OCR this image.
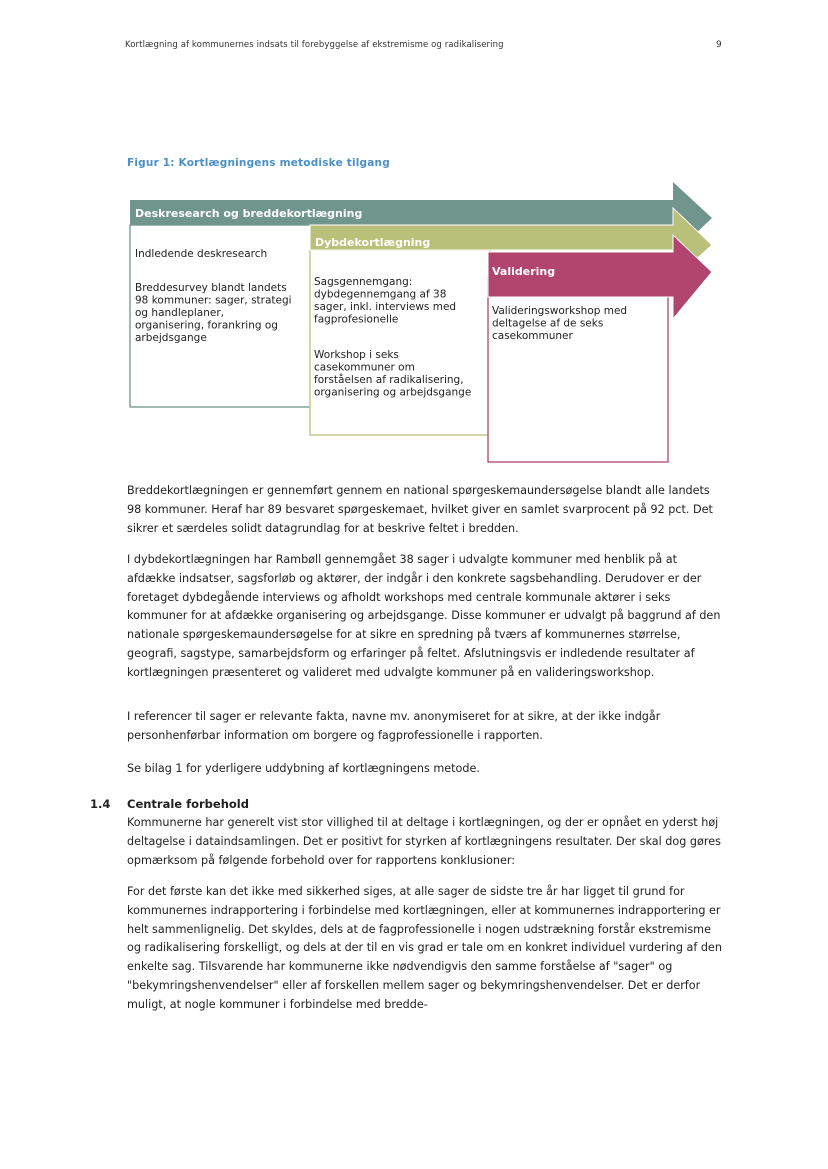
Kortlægning af kommunernes indsats til forebyggelse af ekstremisme og radikalisering	9
Figur 1: Kortlægningens metodiske tilgang
Deskresearch og breddekortlægning
Dybdekortlægning
Validering
Indledende deskresearch
Breddesurvey blandt landets
98 kommuner: sager, strategi
og handleplaner,
organisering, forankring og
arbejdsgange
Sagsgennemgang:
dybdegennemgang af 38
sager, inkl. interviews med
fagprofesionelle
Workshop i seks
casekommuner om
forståelsen af radikalisering,
organisering og arbejdsgange
Valideringsworkshop med
deltagelse af de seks
casekommuner

Breddekortlægningen er gennemført gennem en national spørgeskemaundersøgelse blandt alle landets 98 kommuner. Heraf har 89 besvaret spørgeskemaet, hvilket giver en samlet svarprocent på 92 pct. Det sikrer et særdeles solidt datagrundlag for at beskrive feltet i bredden.

I dybdekortlægningen har Rambøll gennemgået 38 sager i udvalgte kommuner med henblik på at afdække indsatser, sagsforløb og aktører, der indgår i den konkrete sagsbehandling. Derudover er der foretaget dybdegående interviews og afholdt workshops med centrale kommunale aktører i seks kommuner for at afdække organisering og arbejdsgange. Disse kommuner er udvalgt på baggrund af den nationale spørgeskemaundersøgelse for at sikre en spredning på tværs af kommunernes størrelse, geografi, sagstype, samarbejdsform og erfaringer på feltet. Afslutningsvis er indledende resultater af kortlægningen præsenteret og valideret med udvalgte kommuner på en valideringsworkshop.

I referencer til sager er relevante fakta, navne mv. anonymiseret for at sikre, at der ikke indgår personhenførbar information om borgere og fagprofessionelle i rapporten.

Se bilag 1 for yderligere uddybning af kortlægningens metode.

1.4 Centrale forbehold

Kommunerne har generelt vist stor villighed til at deltage i kortlægningen, og der er opnået en yderst høj deltagelse i dataindsamlingen. Det er positivt for styrken af kortlægningens resultater. Der skal dog gøres opmærksom på følgende forbehold over for rapportens konklusioner:

For det første kan det ikke med sikkerhed siges, at alle sager de sidste tre år har ligget til grund for kommunernes indrapportering i forbindelse med kortlægningen, eller at kommunernes indrapportering er helt sammenlignelig. Det skyldes, dels at de fagprofessionelle i nogen udstrækning forstår ekstremisme og radikalisering forskelligt, og dels at der til en vis grad er tale om en konkret individuel vurdering af den enkelte sag. Tilsvarende har kommunerne ikke nødvendigvis den samme forståelse af "sager" og "bekymringshenvendelser" eller af forskellen mellem sager og bekymringshenvendelser. Det er derfor muligt, at nogle kommuner i forbindelse med bredde-
